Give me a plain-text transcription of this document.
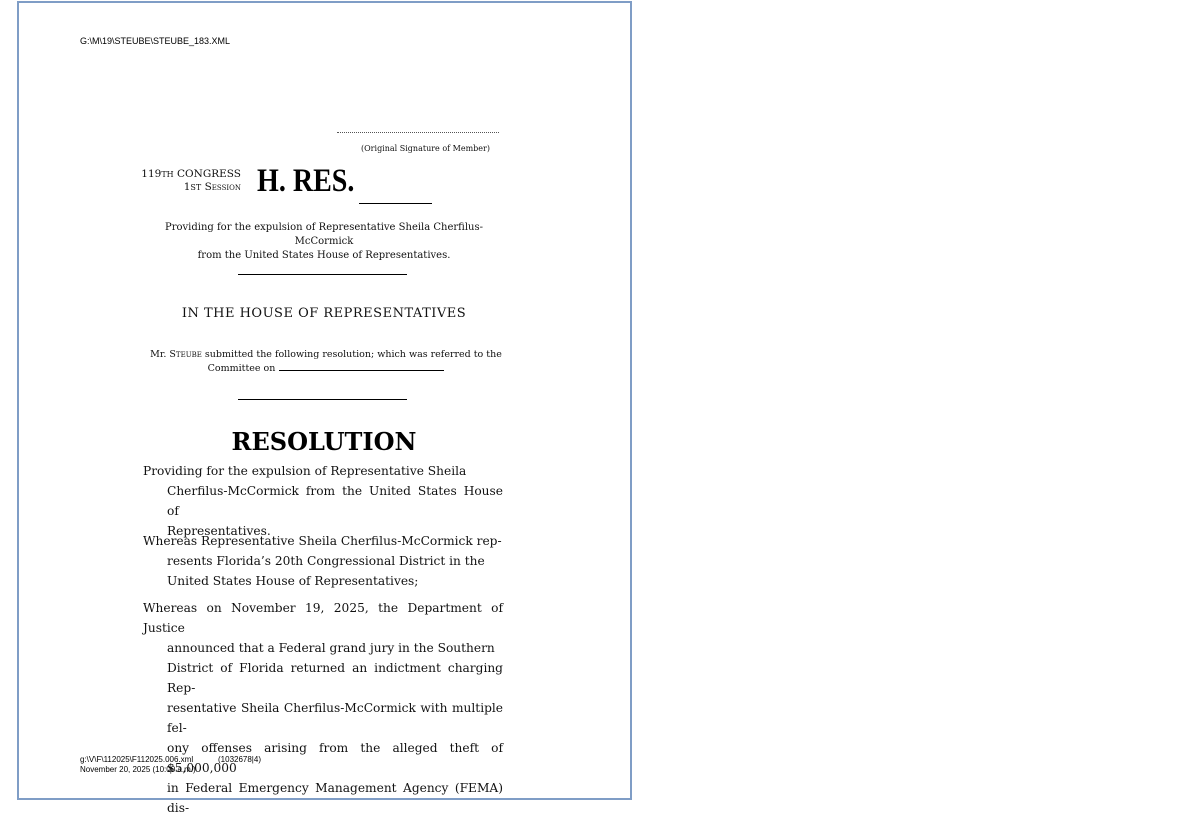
G:\M\19\STEUBE\STEUBE_183.XML
(Original Signature of Member)
119TH CONGRESS
1ST Session H. RES.
Providing for the expulsion of Representative Sheila Cherfilus-McCormick
from the United States House of Representatives.
IN THE HOUSE OF REPRESENTATIVES
Mr. Steube submitted the following resolution; which was referred to the
Committee on
RESOLUTION
Providing for the expulsion of Representative Sheila
Cherfilus-McCormick from the United States House of
Representatives.
Whereas Representative Sheila Cherfilus-McCormick rep-
resents Florida’s 20th Congressional District in the
United States House of Representatives;
Whereas on November 19, 2025, the Department of Justice
announced that a Federal grand jury in the Southern
District of Florida returned an indictment charging Rep-
resentative Sheila Cherfilus-McCormick with multiple fel-
ony offenses arising from the alleged theft of $5,000,000
in Federal Emergency Management Agency (FEMA) dis-
g:\V\F\112025\F112025.006.xml
November 20, 2025 (10:00 a.m.)
(1032678|4)
